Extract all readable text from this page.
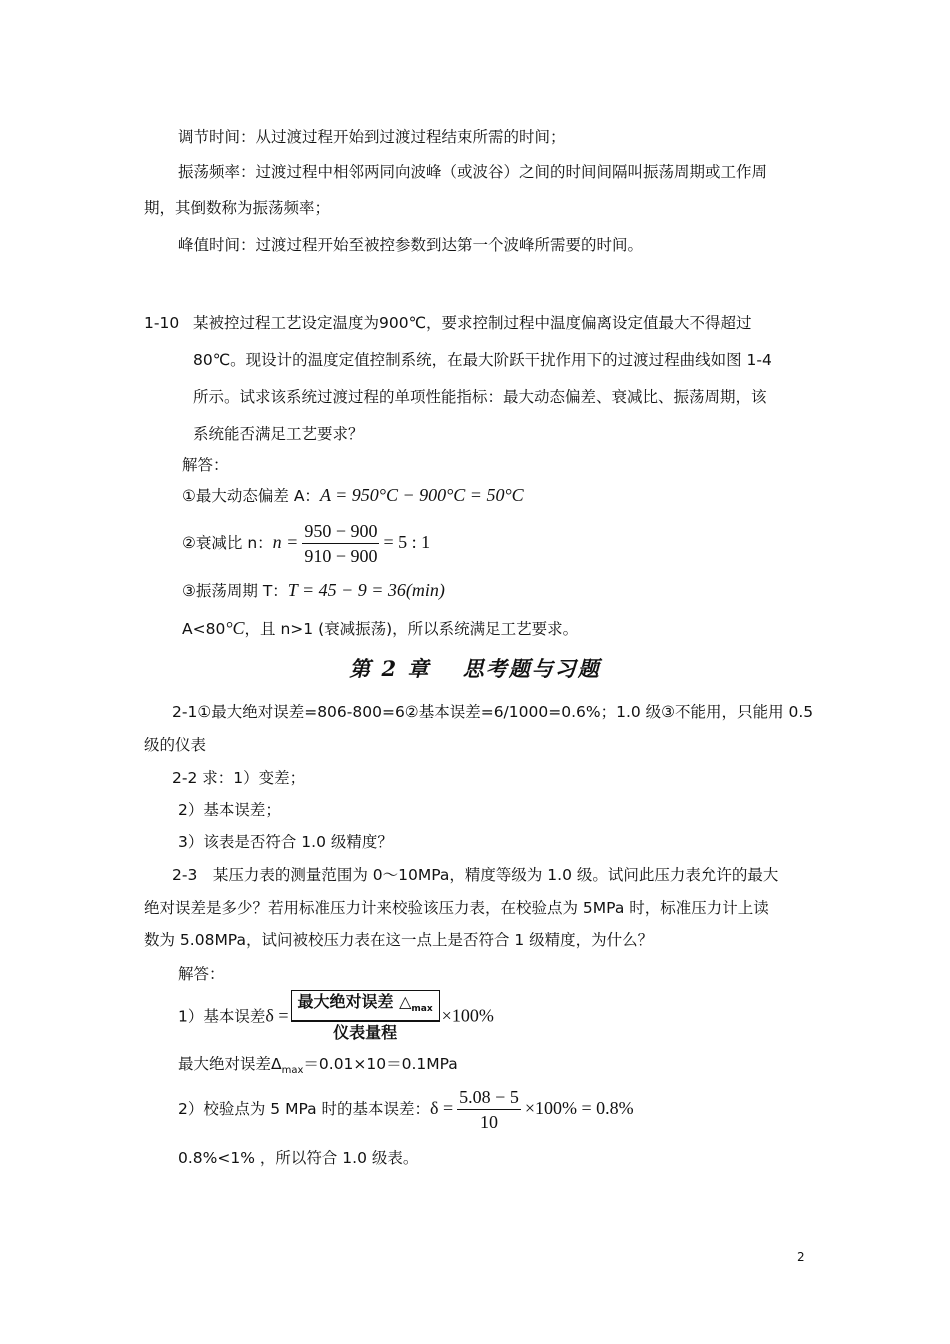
调节时间：从过渡过程开始到过渡过程结束所需的时间；
振荡频率：过渡过程中相邻两同向波峰（或波谷）之间的时间间隔叫振荡周期或工作周
期，其倒数称为振荡频率；
峰值时间：过渡过程开始至被控参数到达第一个波峰所需要的时间。
1-10 某被控过程工艺设定温度为900℃，要求控制过程中温度偏离设定值最大不得超过
80℃。现设计的温度定值控制系统，在最大阶跃干扰作用下的过渡过程曲线如图 1-4
所示。试求该系统过渡过程的单项性能指标：最大动态偏差、衰减比、振荡周期，该
系统能否满足工艺要求？
解答：
①最大动态偏差 A：A = 950°C − 900°C = 50°C
②衰减比 n：$n = \frac{950 - 900}{910 - 900} = 5$ : 1
③振荡周期 T：T = 45 − 9 = 36(min)
A<80°C，且 n>1 (衰减振荡)，所以系统满足工艺要求。
第 2 章　 思考题与习题
2-1①最大绝对误差=806-800=6②基本误差=6/1000=0.6%；1.0 级③不能用，只能用 0.5
级的仪表
2-2 求：1）变差；
2）基本误差；
3）该表是否符合 1.0 级精度？
2-3　某压力表的测量范围为 0～10MPa，精度等级为 1.0 级。试问此压力表允许的最大
绝对误差是多少？若用标准压力计来校验该压力表，在校验点为 5MPa 时，标准压力计上读
数为 5.08MPa，试问被校压力表在这一点上是否符合 1 级精度，为什么？
解答：
1）基本误差$\delta = \frac{最大绝对误差 \triangle_{max}}{\text{仪表量程}} \times 100\%$
最大绝对误差$\Delta_{max}=0.01\times 10=0.1MPa$
2）校验点为 5 MPa 时的基本误差：$\delta = \frac{5.08 - 5}{10} \times 100\% = 0.8\%$
0.8%<1% ，所以符合 1.0 级表。
2
